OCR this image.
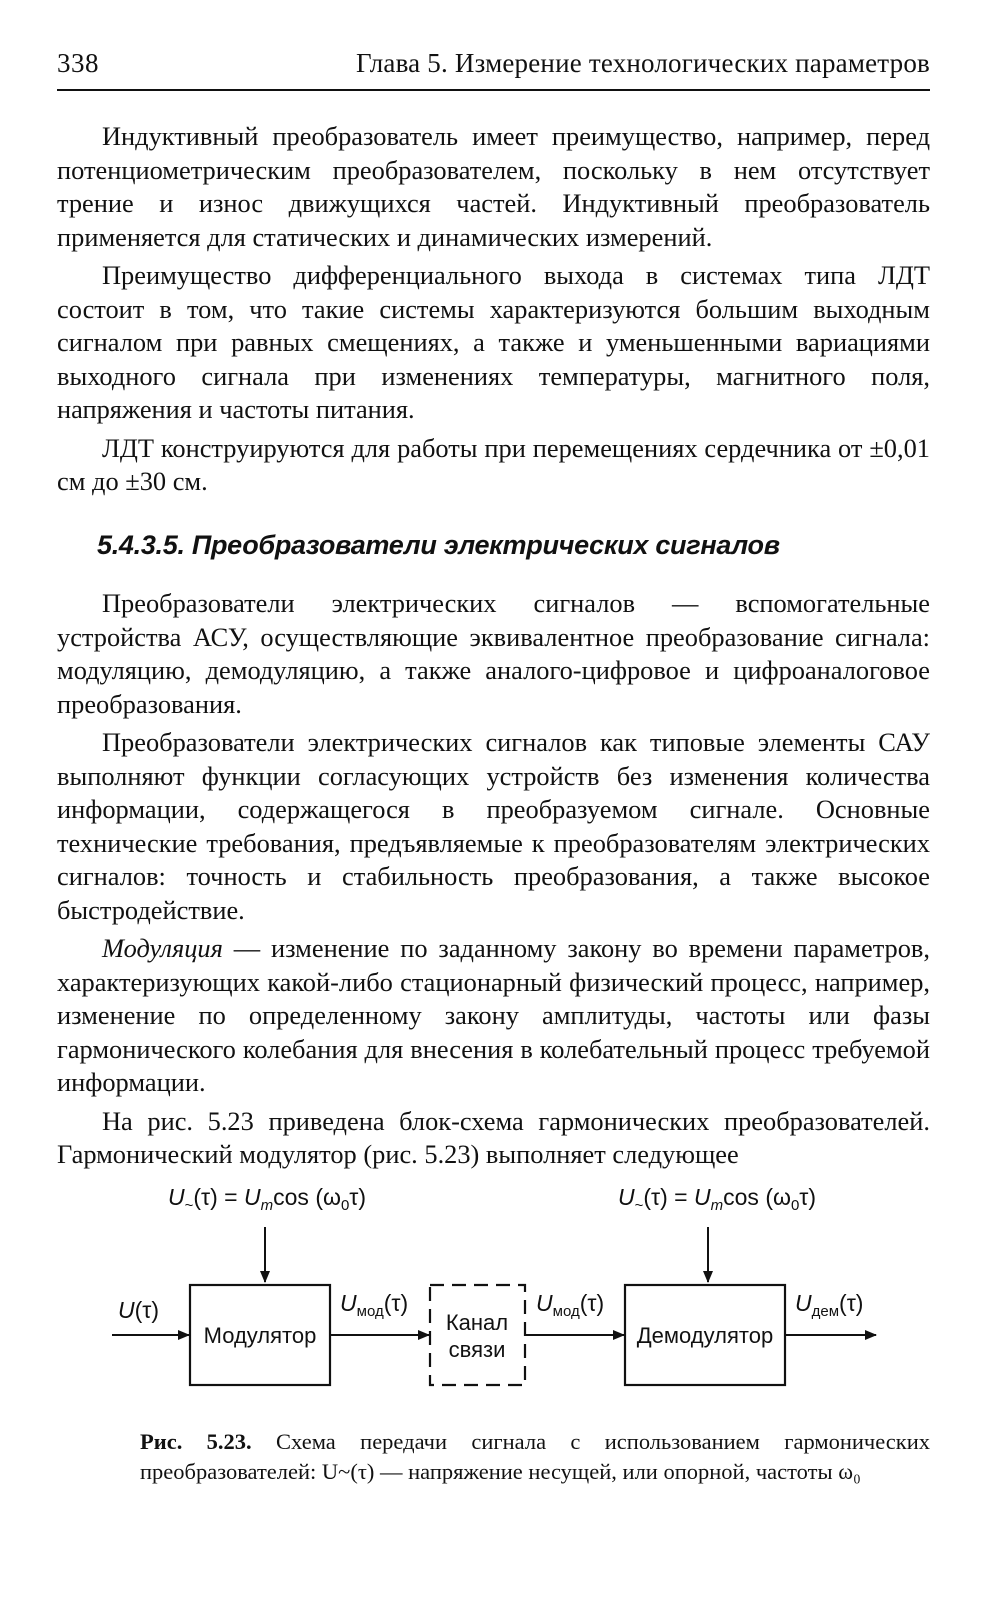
338	Глава 5. Измерение технологических параметров

Индуктивный преобразователь имеет преимущество, например, перед потенциометрическим преобразователем, поскольку в нем отсутствует трение и износ движущихся частей. Индуктивный преобразователь применяется для статических и динамических измерений.

Преимущество дифференциального выхода в системах типа ЛДТ состоит в том, что такие системы характеризуются большим выходным сигналом при равных смещениях, а также и уменьшенными вариациями выходного сигнала при изменениях температуры, магнитного поля, напряжения и частоты питания.

ЛДТ конструируются для работы при перемещениях сердечника от ±0,01 см до ±30 см.

5.4.3.5. Преобразователи электрических сигналов

Преобразователи электрических сигналов — вспомогательные устройства АСУ, осуществляющие эквивалентное преобразование сигнала: модуляцию, демодуляцию, а также аналого-цифровое и цифроаналоговое преобразования.

Преобразователи электрических сигналов как типовые элементы САУ выполняют функции согласующих устройств без изменения количества информации, содержащегося в преобразуемом сигнале. Основные технические требования, предъявляемые к преобразователям электрических сигналов: точность и стабильность преобразования, а также высокое быстродействие.

Модуляция — изменение по заданному закону во времени параметров, характеризующих какой-либо стационарный физический процесс, например, изменение по определенному закону амплитуды, частоты или фазы гармонического колебания для внесения в колебательный процесс требуемой информации.

На рис. 5.23 приведена блок-схема гармонических преобразователей. Гармонический модулятор (рис. 5.23) выполняет следующее

$U_\sim(\tau) = U_m\cos$ $(\omega_0\tau)$	$U_\sim(\tau) = U_m\cos$ $(\omega_0\tau)$
Модулятор
Канал
связи
Демодулятор
U(τ)	$U_{мод}(\tau)$	$U_{мод}(\tau)$	$U_{дем}(\tau)$
Рис. 5.23. Схема передачи сигнала с использованием гармонических преобразователей: U~(τ) — напряжение несущей, или опорной, частоты ω₀
